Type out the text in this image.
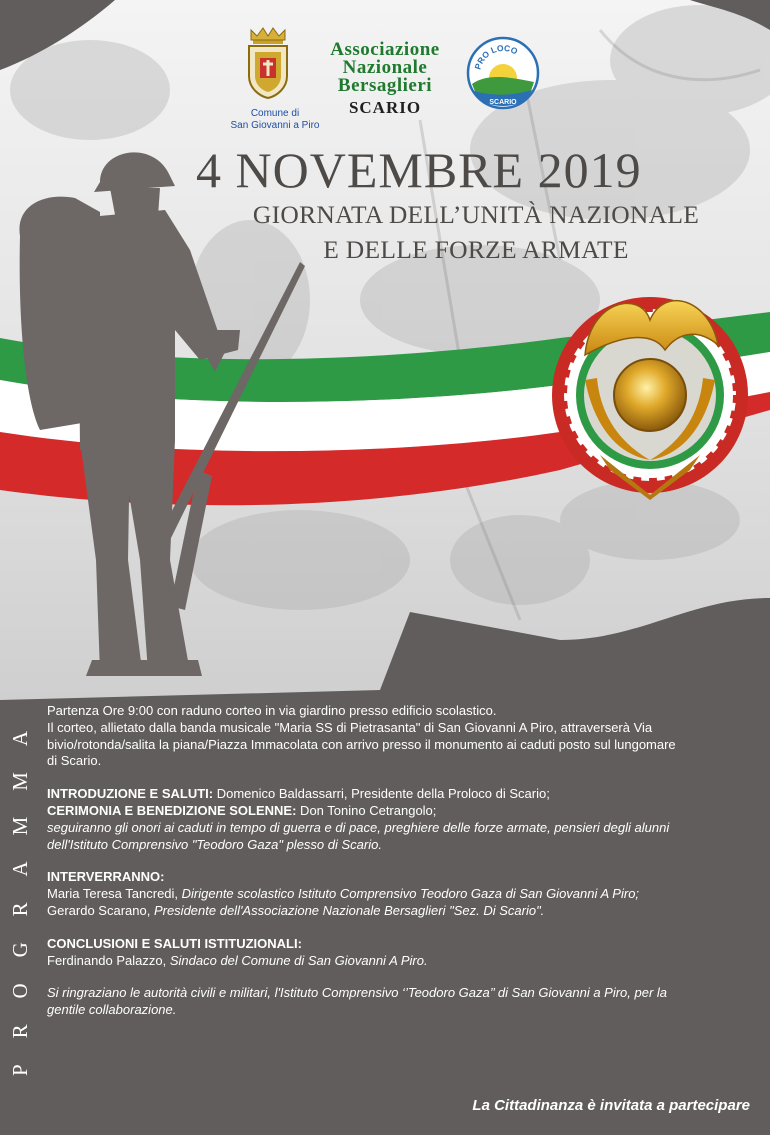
Comune di
San Giovanni a Piro
Associazione
Nazionale
Bersaglieri
SCARIO
PRO LOCO
SCARIO
4 NOVEMBRE 2019
GIORNATA DELL’UNITÀ NAZIONALE
E DELLE FORZE ARMATE
PROGRAMMA

Partenza Ore 9:00 con raduno corteo in via giardino presso edificio scolastico.

Il corteo, allietato dalla banda musicale "Maria SS di Pietrasanta" di San Giovanni A Piro, attraverserà Via

bivio/rotonda/salita la piana/Piazza Immacolata con arrivo presso il monumento ai caduti posto sul lungomare

di Scario.

INTRODUZIONE E SALUTI: Domenico Baldassarri, Presidente della Proloco di Scario;

CERIMONIA E BENEDIZIONE SOLENNE: Don Tonino Cetrangolo;

seguiranno gli onori ai caduti in tempo di guerra e di pace, preghiere delle forze armate, pensieri degli alunni

dell'Istituto Comprensivo "Teodoro Gaza" plesso di Scario.

INTERVERRANNO:

Maria Teresa Tancredi, Dirigente scolastico Istituto Comprensivo Teodoro Gaza di San Giovanni A Piro;

Gerardo Scarano, Presidente dell'Associazione Nazionale Bersaglieri "Sez. Di Scario".

CONCLUSIONI E SALUTI ISTITUZIONALI:

Ferdinando Palazzo, Sindaco del Comune di San Giovanni A Piro.

Si ringraziano le autorità civili e militari, l'Istituto Comprensivo ‘’Teodoro Gaza’’ di San Giovanni a Piro, per la

gentile collaborazione.

La Cittadinanza è invitata a partecipare
